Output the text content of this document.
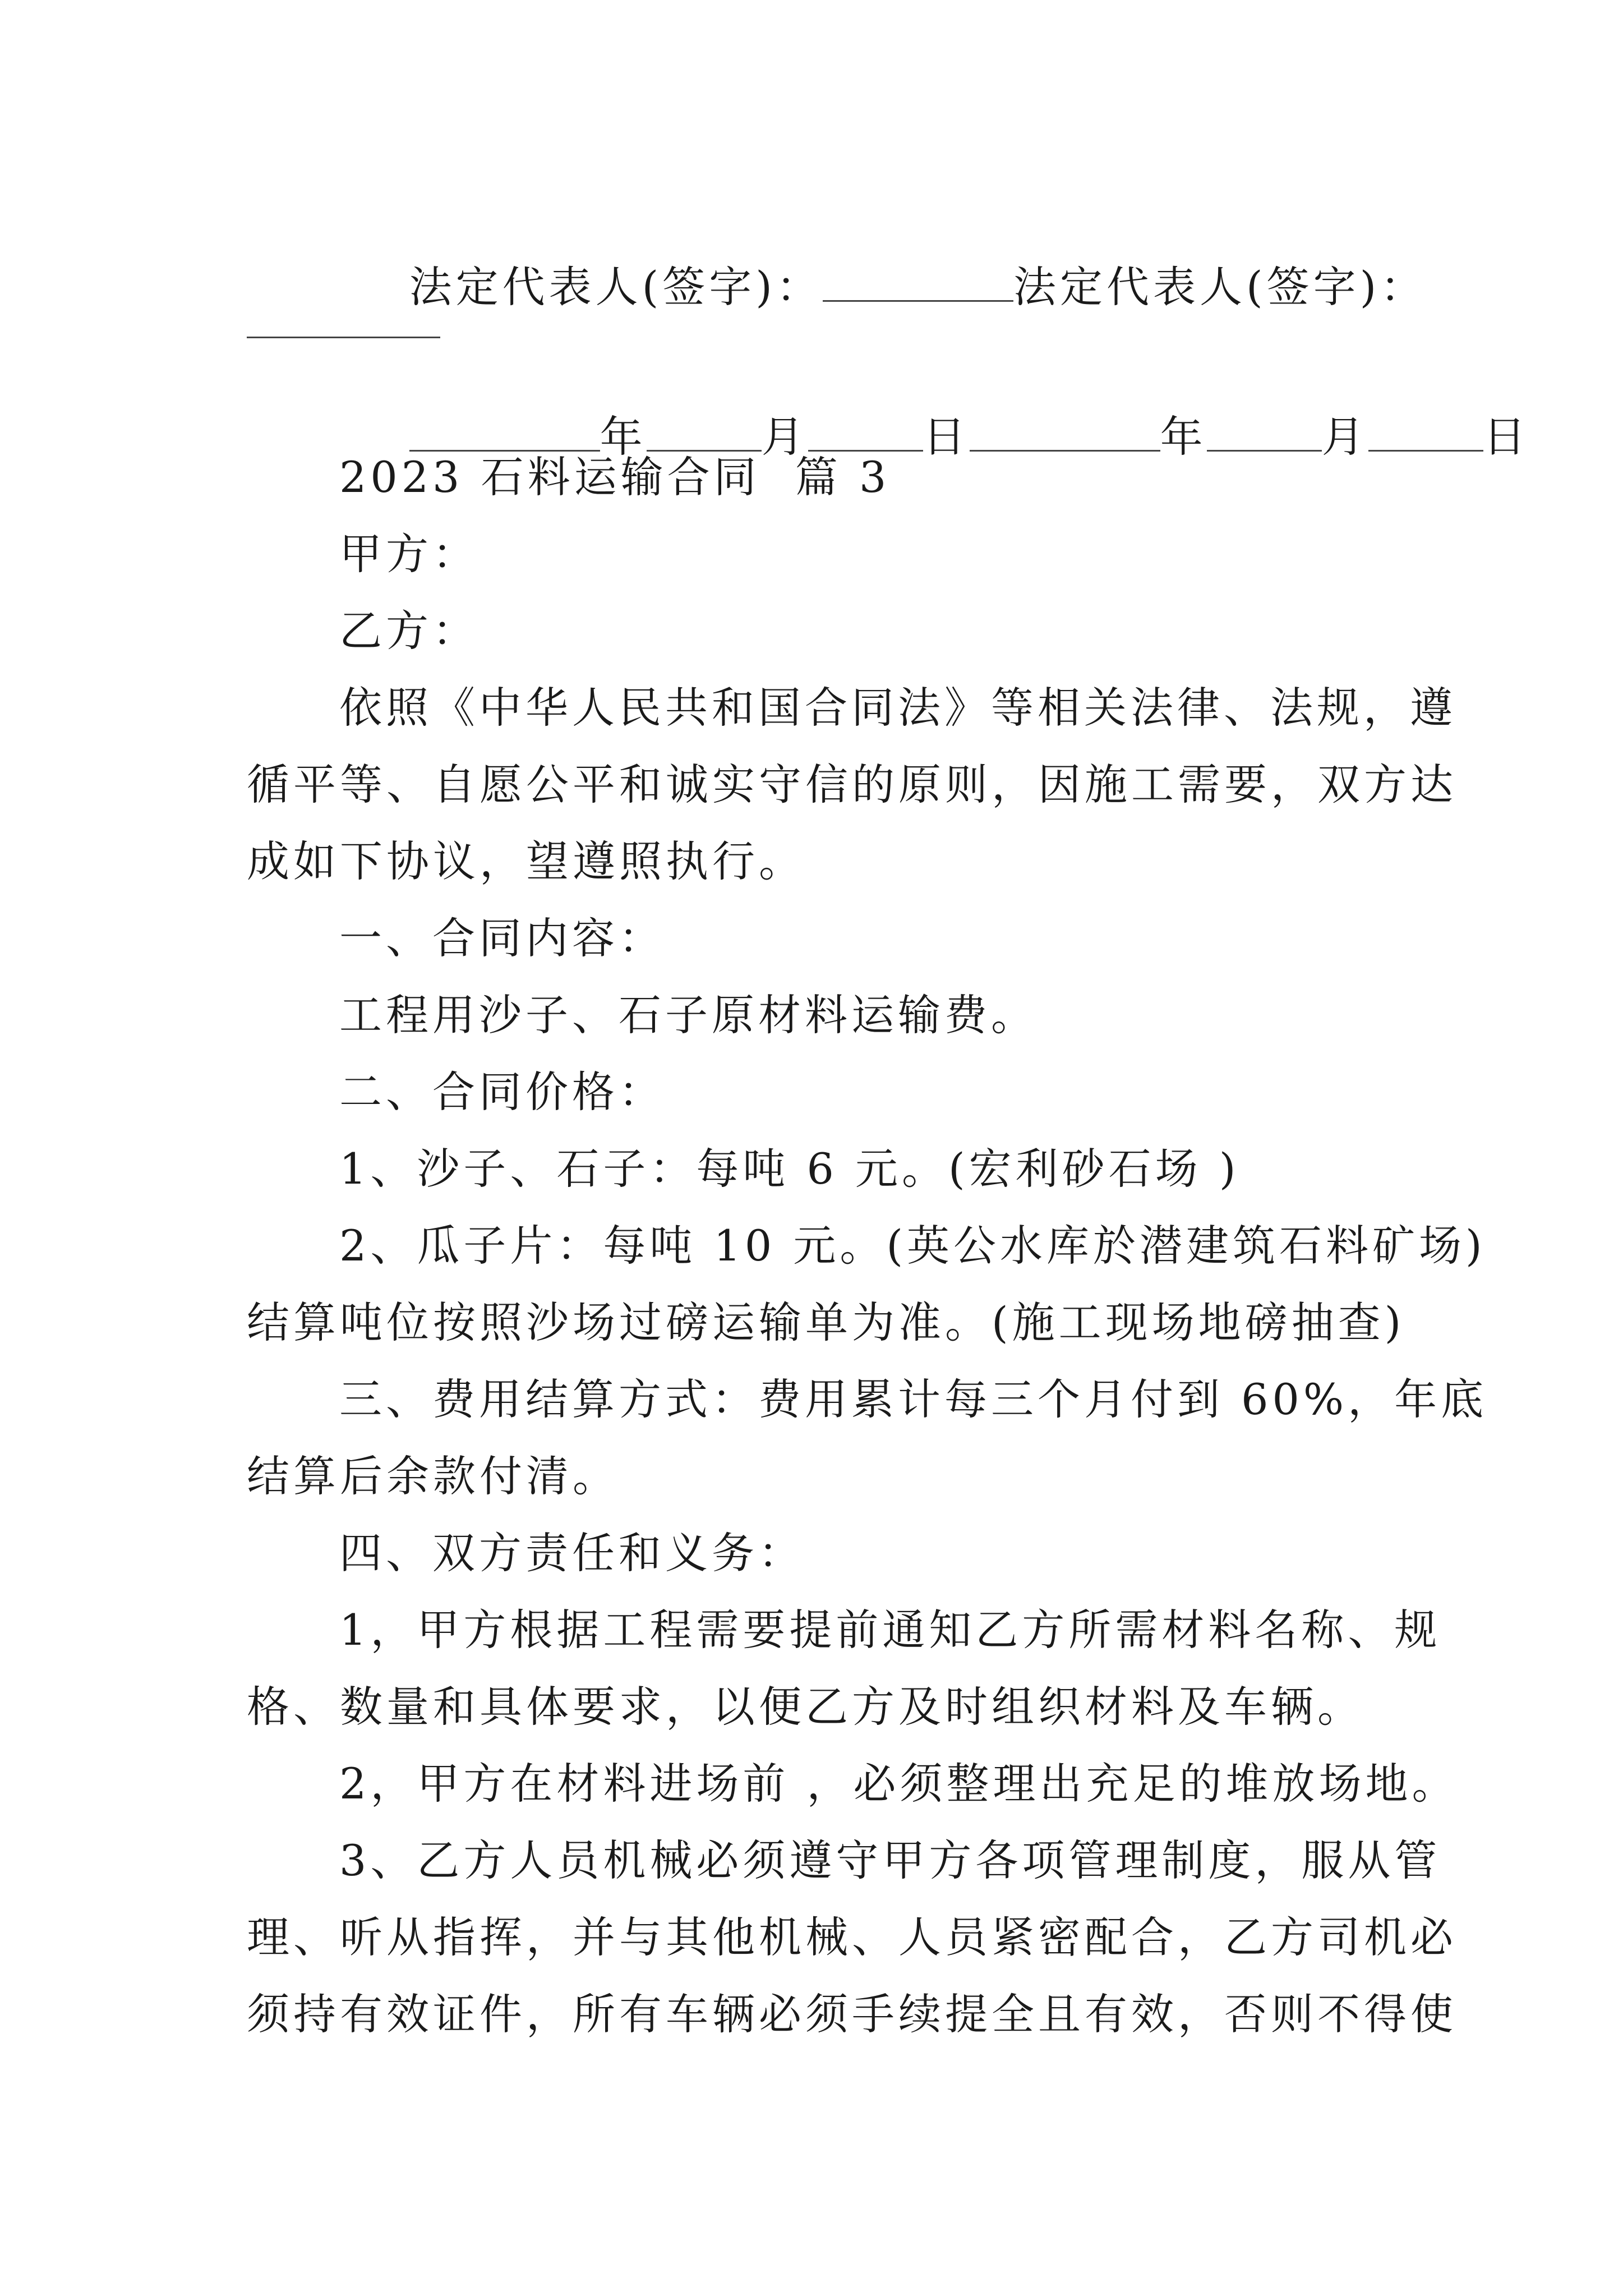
法定代表人(签字)：	法定代表人(签字)：

年	月	日	年	月	日

2023 石料运输合同  篇 3
甲方：
乙方：
依照《中华人民共和国合同法》等相关法律、法规，遵
循平等、自愿公平和诚实守信的原则，因施工需要，双方达
成如下协议，望遵照执行。
一、合同内容：
工程用沙子、石子原材料运输费。
二、合同价格：
1、沙子、石子：每吨 6 元。(宏利砂石场 )
2、瓜子片：每吨 10 元。(英公水库於潜建筑石料矿场)
结算吨位按照沙场过磅运输单为准。(施工现场地磅抽查)
三、费用结算方式：费用累计每三个月付到 60%，年底
结算后余款付清。
四、双方责任和义务：
1，甲方根据工程需要提前通知乙方所需材料名称、规
格、数量和具体要求，以便乙方及时组织材料及车辆。
2，甲方在材料进场前 ，必须整理出充足的堆放场地。
3、乙方人员机械必须遵守甲方各项管理制度，服从管
理、听从指挥，并与其他机械、人员紧密配合，乙方司机必
须持有效证件，所有车辆必须手续提全且有效，否则不得使
